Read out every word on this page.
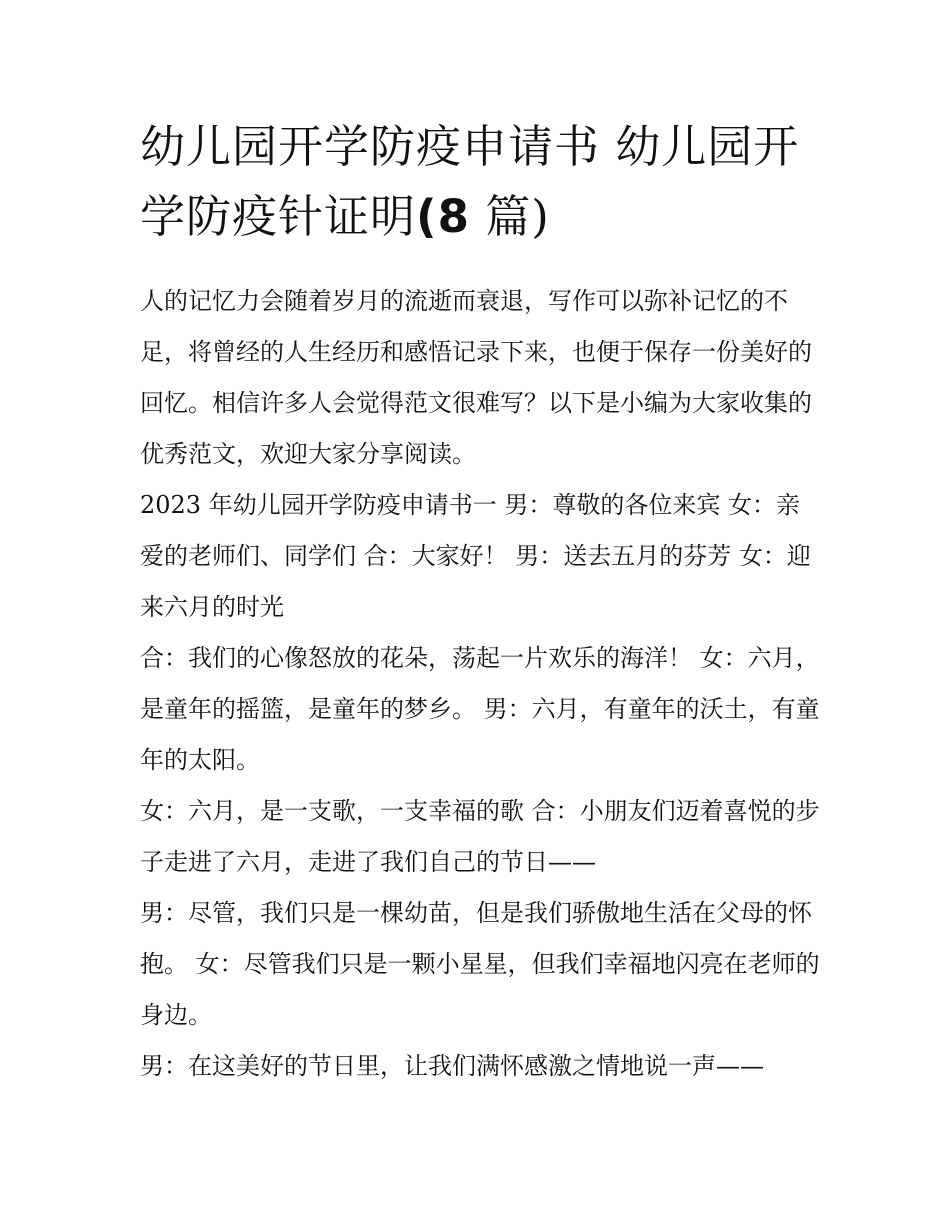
幼儿园开学防疫申请书 幼儿园开学防疫针证明(8 篇)

人的记忆力会随着岁月的流逝而衰退，写作可以弥补记忆的不足，将曾经的人生经历和感悟记录下来，也便于保存一份美好的回忆。相信许多人会觉得范文很难写？以下是小编为大家收集的优秀范文，欢迎大家分享阅读。

2023 年幼儿园开学防疫申请书一 男：尊敬的各位来宾 女：亲爱的老师们、同学们 合：大家好！ 男：送去五月的芬芳 女：迎来六月的时光

合：我们的心像怒放的花朵，荡起一片欢乐的海洋！ 女：六月，是童年的摇篮，是童年的梦乡。 男：六月，有童年的沃土，有童年的太阳。

女：六月，是一支歌，一支幸福的歌 合：小朋友们迈着喜悦的步子走进了六月，走进了我们自己的节日——

男：尽管，我们只是一棵幼苗，但是我们骄傲地生活在父母的怀抱。 女：尽管我们只是一颗小星星，但我们幸福地闪亮在老师的身边。

男：在这美好的节日里，让我们满怀感激之情地说一声——
